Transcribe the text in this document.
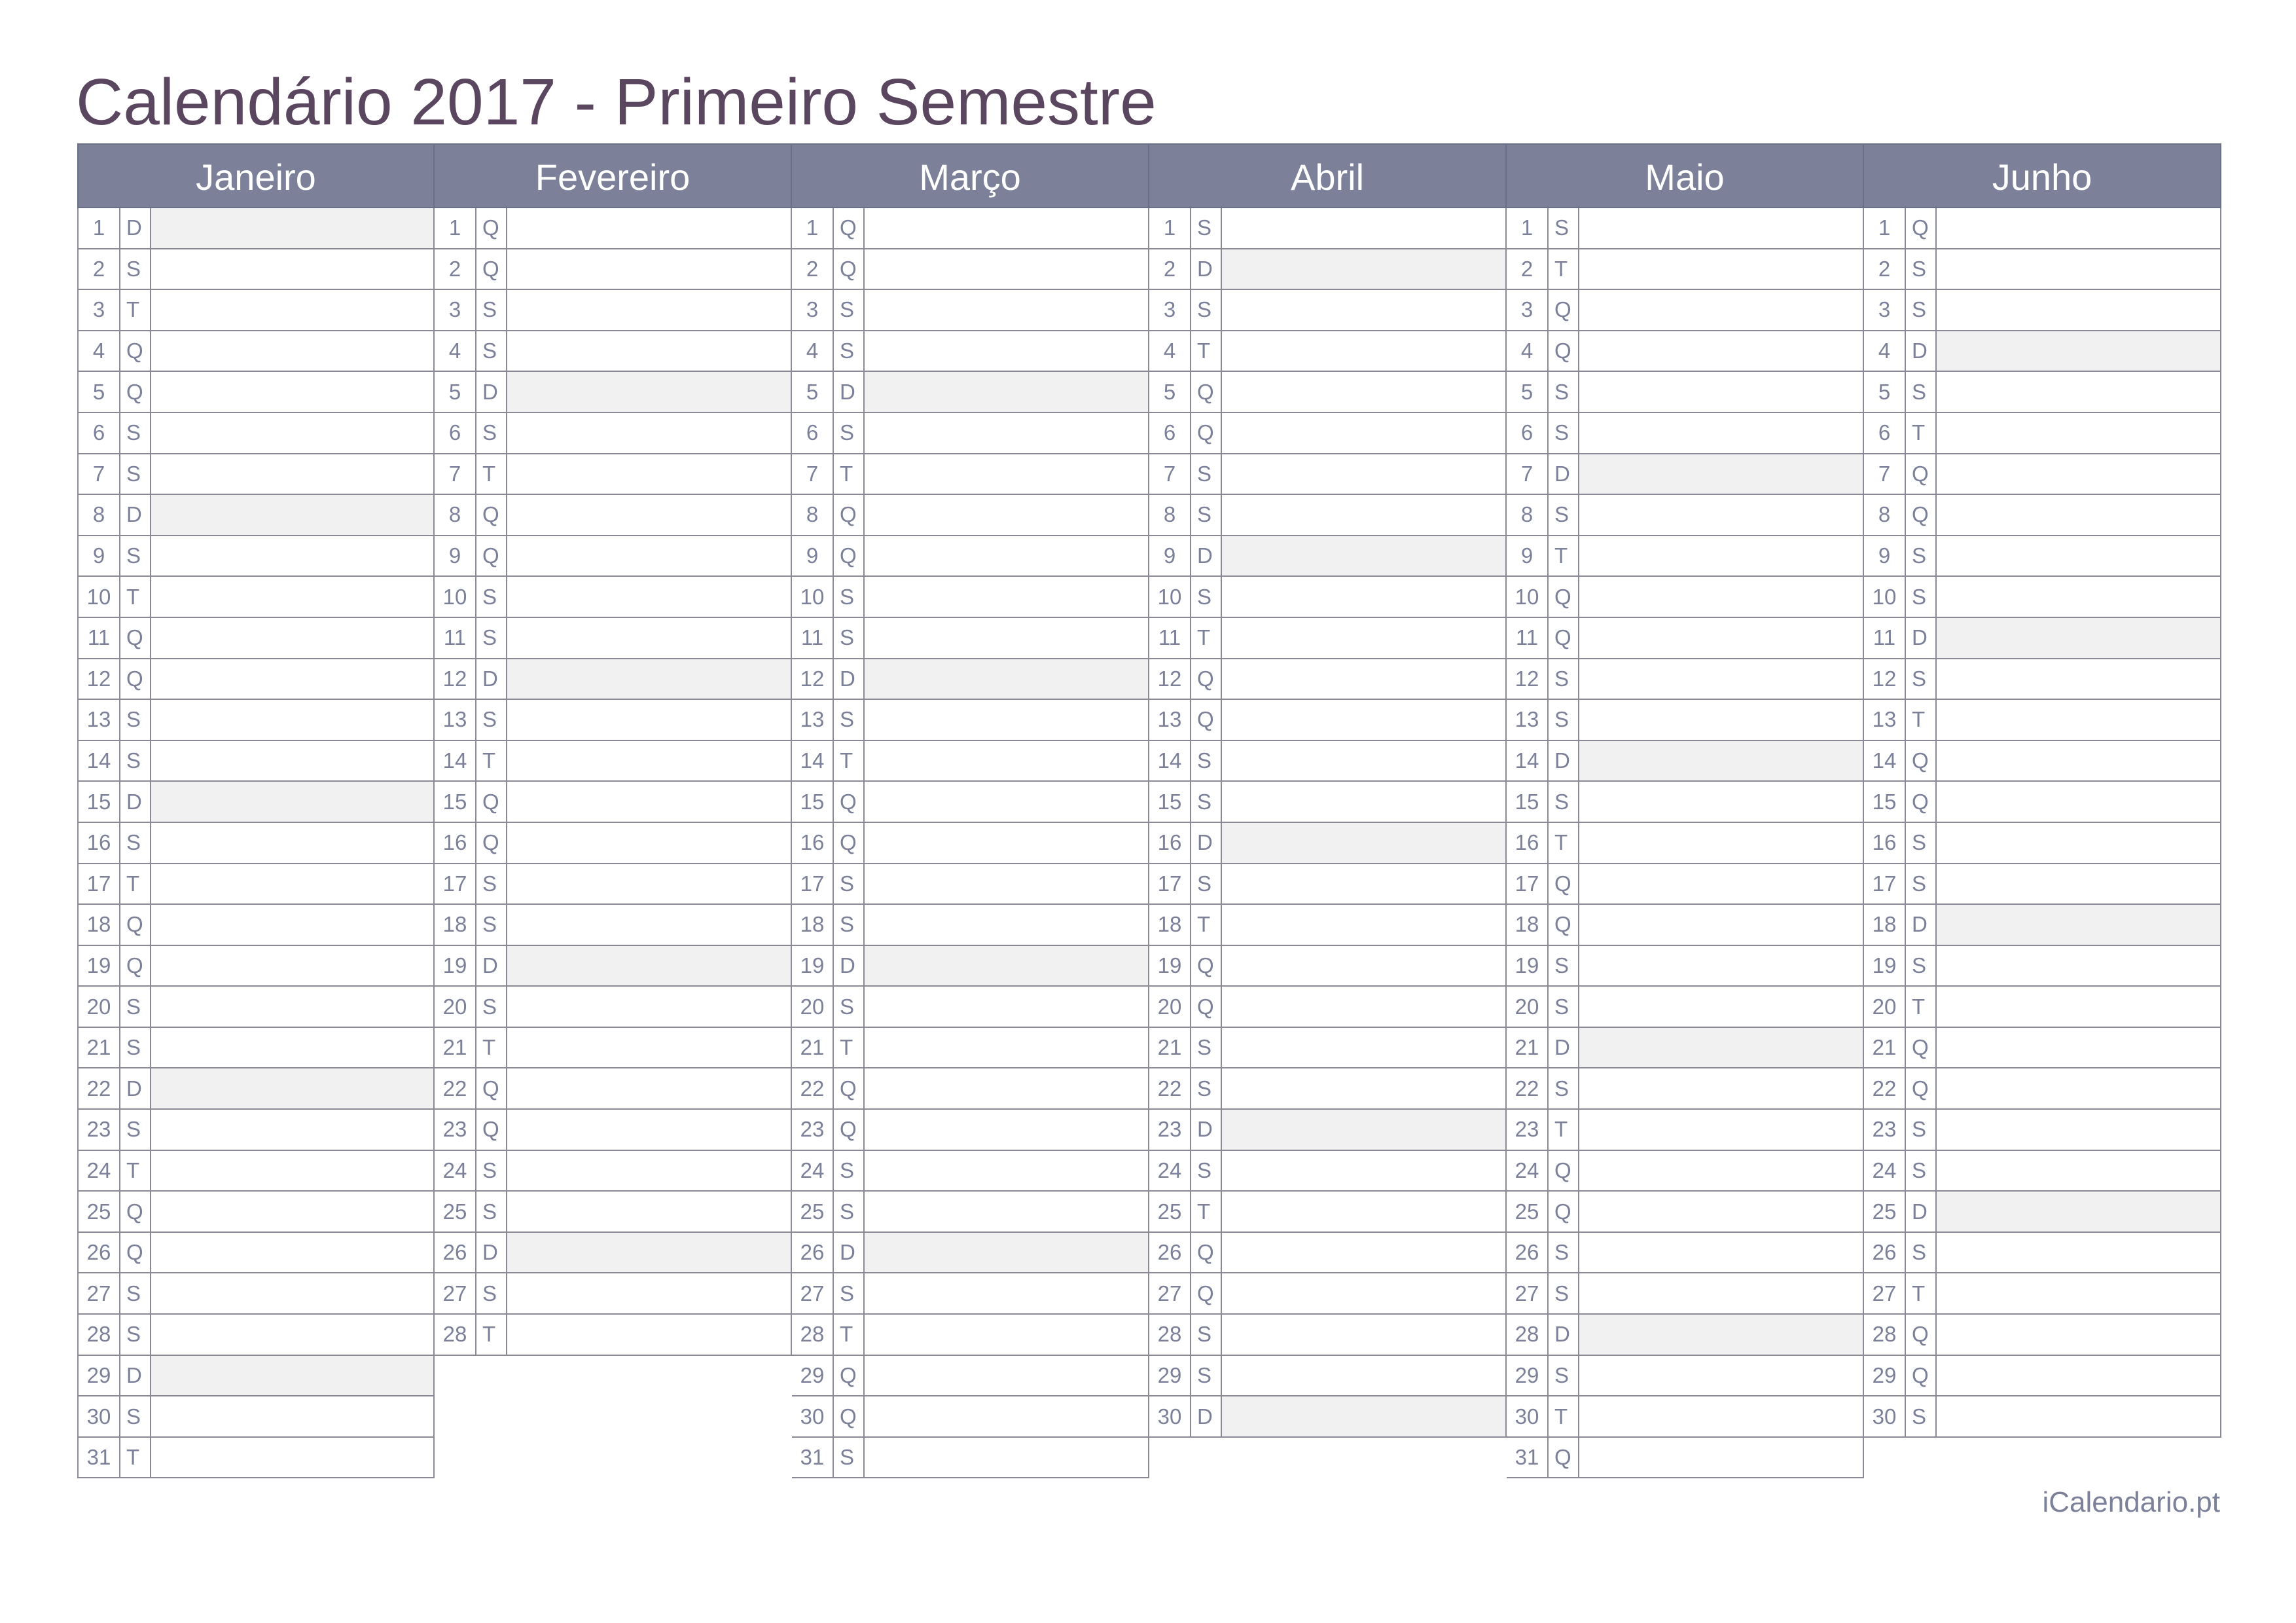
Calendário 2017 - Primeiro Semestre
Janeiro
1 D
2 S
3 T
4 Q
5 Q
6 S
7 S
8 D
9 S
10 T
11 Q
12 Q
13 S
14 S
15 D
16 S
17 T
18 Q
19 Q
20 S
21 S
22 D
23 S
24 T
25 Q
26 Q
27 S
28 S
29 D
30 S
31 T
Fevereiro
1 Q
2 Q
3 S
4 S
5 D
6 S
7 T
8 Q
9 Q
10 S
11 S
12 D
13 S
14 T
15 Q
16 Q
17 S
18 S
19 D
20 S
21 T
22 Q
23 Q
24 S
25 S
26 D
27 S
28 T
Março
1 Q
2 Q
3 S
4 S
5 D
6 S
7 T
8 Q
9 Q
10 S
11 S
12 D
13 S
14 T
15 Q
16 Q
17 S
18 S
19 D
20 S
21 T
22 Q
23 Q
24 S
25 S
26 D
27 S
28 T
29 Q
30 Q
31 S
Abril
1 S
2 D
3 S
4 T
5 Q
6 Q
7 S
8 S
9 D
10 S
11 T
12 Q
13 Q
14 S
15 S
16 D
17 S
18 T
19 Q
20 Q
21 S
22 S
23 D
24 S
25 T
26 Q
27 Q
28 S
29 S
30 D
Maio
1 S
2 T
3 Q
4 Q
5 S
6 S
7 D
8 S
9 T
10 Q
11 Q
12 S
13 S
14 D
15 S
16 T
17 Q
18 Q
19 S
20 S
21 D
22 S
23 T
24 Q
25 Q
26 S
27 S
28 D
29 S
30 T
31 Q
Junho
1 Q
2 S
3 S
4 D
5 S
6 T
7 Q
8 Q
9 S
10 S
11 D
12 S
13 T
14 Q
15 Q
16 S
17 S
18 D
19 S
20 T
21 Q
22 Q
23 S
24 S
25 D
26 S
27 T
28 Q
29 Q
30 S
iCalendario.pt
